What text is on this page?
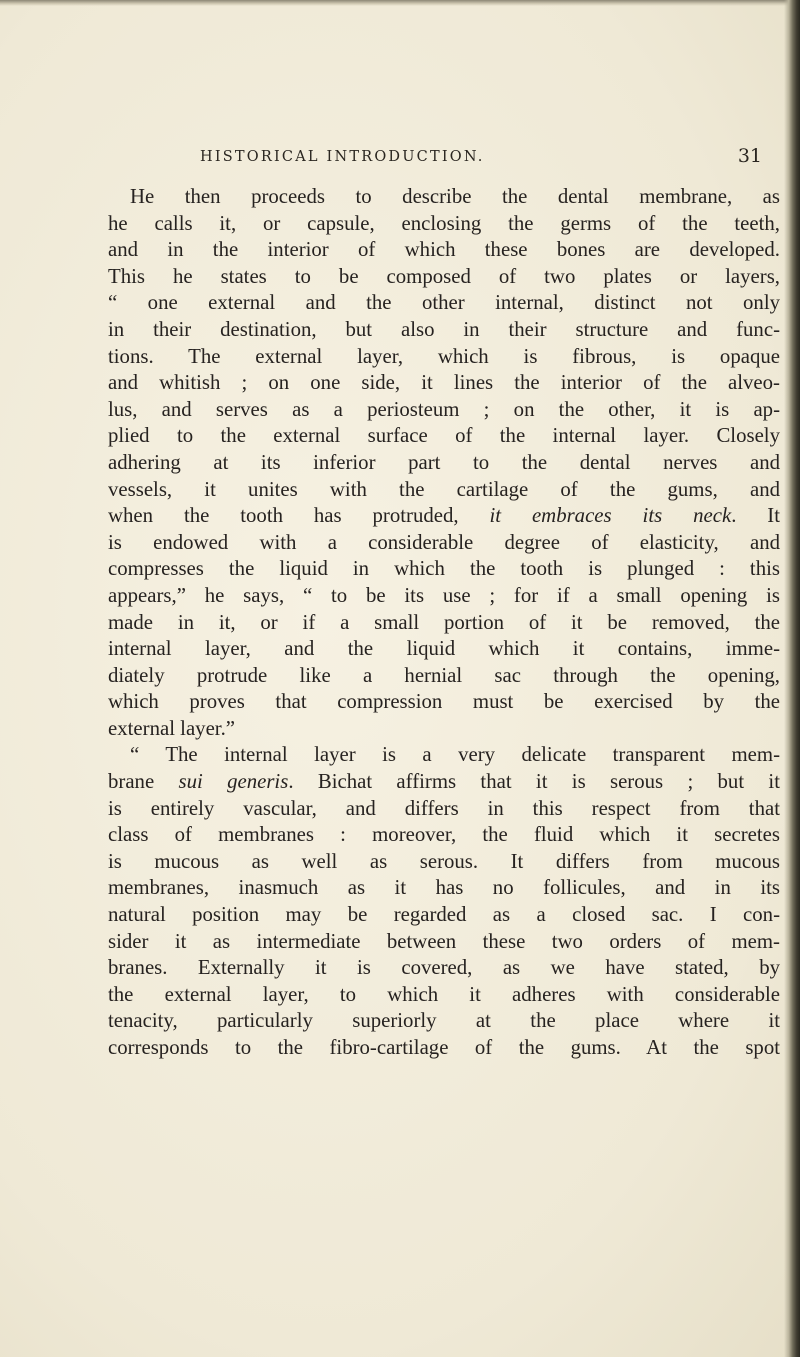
HISTORICAL INTRODUCTION.	31
He then proceeds to describe the dental membrane, as
he calls it, or capsule, enclosing the germs of the teeth,
and in the interior of which these bones are developed.
This he states to be composed of two plates or layers,
“ one external and the other internal, distinct not only
in their destination, but also in their structure and func-
tions. The external layer, which is fibrous, is opaque
and whitish ; on one side, it lines the interior of the alveo-
lus, and serves as a periosteum ; on the other, it is ap-
plied to the external surface of the internal layer. Closely
adhering at its inferior part to the dental nerves and
vessels, it unites with the cartilage of the gums, and
when the tooth has protruded, it embraces its neck. It
is endowed with a considerable degree of elasticity, and
compresses the liquid in which the tooth is plunged : this
appears,” he says, “ to be its use ; for if a small opening is
made in it, or if a small portion of it be removed, the
internal layer, and the liquid which it contains, imme-
diately protrude like a hernial sac through the opening,
which proves that compression must be exercised by the
external layer.”
“ The internal layer is a very delicate transparent mem-
brane sui generis. Bichat affirms that it is serous ; but it
is entirely vascular, and differs in this respect from that
class of membranes : moreover, the fluid which it secretes
is mucous as well as serous. It differs from mucous
membranes, inasmuch as it has no follicules, and in its
natural position may be regarded as a closed sac. I con-
sider it as intermediate between these two orders of mem-
branes. Externally it is covered, as we have stated, by
the external layer, to which it adheres with considerable
tenacity, particularly superiorly at the place where it
corresponds to the fibro-cartilage of the gums. At the spot
